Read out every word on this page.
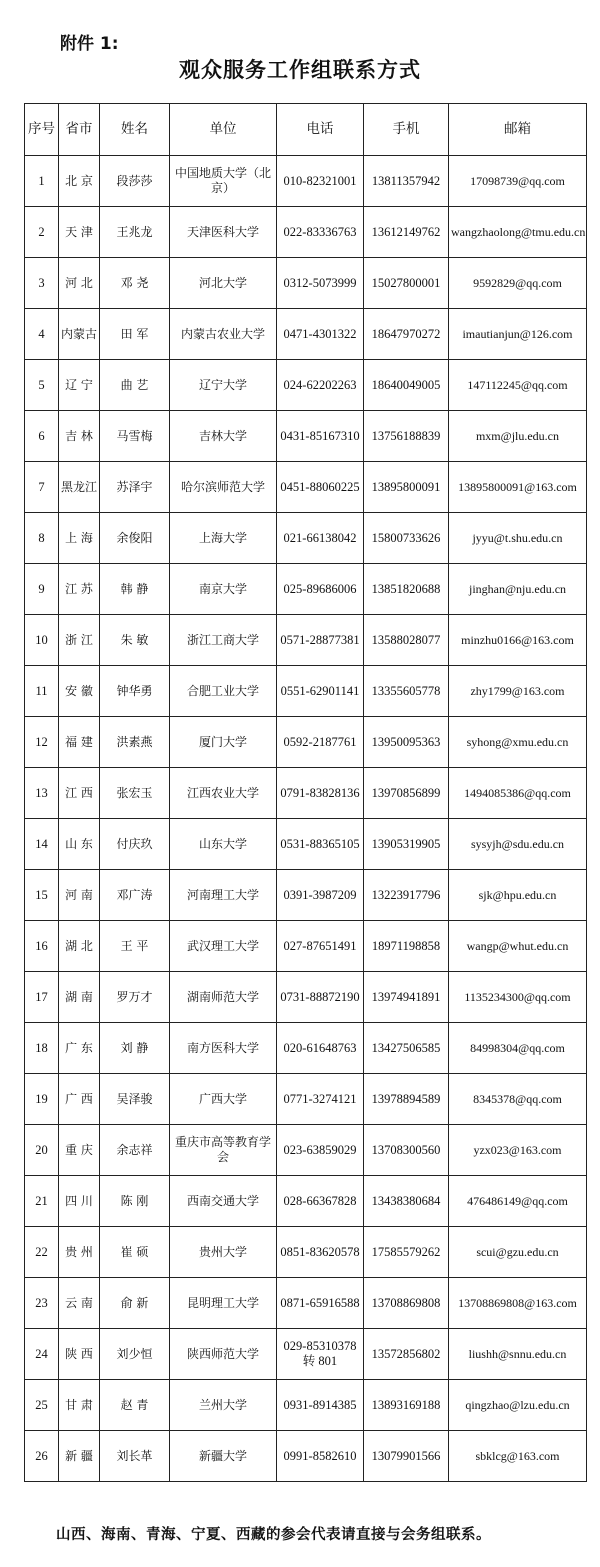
附件 1:
观众服务工作组联系方式
序号	省市	姓名	单位	电话	手机	邮箱
1	北 京	段莎莎	中国地质大学（北京）	010-82321001	13811357942	17098739@qq.com
2	天 津	王兆龙	天津医科大学	022-83336763	13612149762	wangzhaolong@tmu.edu.cn
3	河 北	邓 尧	河北大学	0312-5073999	15027800001	9592829@qq.com
4	内蒙古	田 军	内蒙古农业大学	0471-4301322	18647970272	imautianjun@126.com
5	辽 宁	曲 艺	辽宁大学	024-62202263	18640049005	147112245@qq.com
6	吉 林	马雪梅	吉林大学	0431-85167310	13756188839	mxm@jlu.edu.cn
7	黑龙江	苏泽宇	哈尔滨师范大学	0451-88060225	13895800091	13895800091@163.com
8	上 海	余俊阳	上海大学	021-66138042	15800733626	jyyu@t.shu.edu.cn
9	江 苏	韩 静	南京大学	025-89686006	13851820688	jinghan@nju.edu.cn
10	浙 江	朱 敏	浙江工商大学	0571-28877381	13588028077	minzhu0166@163.com
11	安 徽	钟华勇	合肥工业大学	0551-62901141	13355605778	zhy1799@163.com
12	福 建	洪素燕	厦门大学	0592-2187761	13950095363	syhong@xmu.edu.cn
13	江 西	张宏玉	江西农业大学	0791-83828136	13970856899	1494085386@qq.com
14	山 东	付庆玖	山东大学	0531-88365105	13905319905	sysyjh@sdu.edu.cn
15	河 南	邓广涛	河南理工大学	0391-3987209	13223917796	sjk@hpu.edu.cn
16	湖 北	王 平	武汉理工大学	027-87651491	18971198858	wangp@whut.edu.cn
17	湖 南	罗万才	湖南师范大学	0731-88872190	13974941891	1135234300@qq.com
18	广 东	刘 静	南方医科大学	020-61648763	13427506585	84998304@qq.com
19	广 西	吴泽骏	广西大学	0771-3274121	13978894589	8345378@qq.com
20	重 庆	余志祥	重庆市高等教育学会	023-63859029	13708300560	yzx023@163.com
21	四 川	陈 刚	西南交通大学	028-66367828	13438380684	476486149@qq.com
22	贵 州	崔 硕	贵州大学	0851-83620578	17585579262	scui@gzu.edu.cn
23	云 南	俞 新	昆明理工大学	0871-65916588	13708869808	13708869808@163.com
24	陕 西	刘少恒	陕西师范大学	029-85310378 转 801	13572856802	liushh@snnu.edu.cn
25	甘 肃	赵 青	兰州大学	0931-8914385	13893169188	qingzhao@lzu.edu.cn
26	新 疆	刘长革	新疆大学	0991-8582610	13079901566	sbklcg@163.com
山西、海南、青海、宁夏、西藏的参会代表请直接与会务组联系。
